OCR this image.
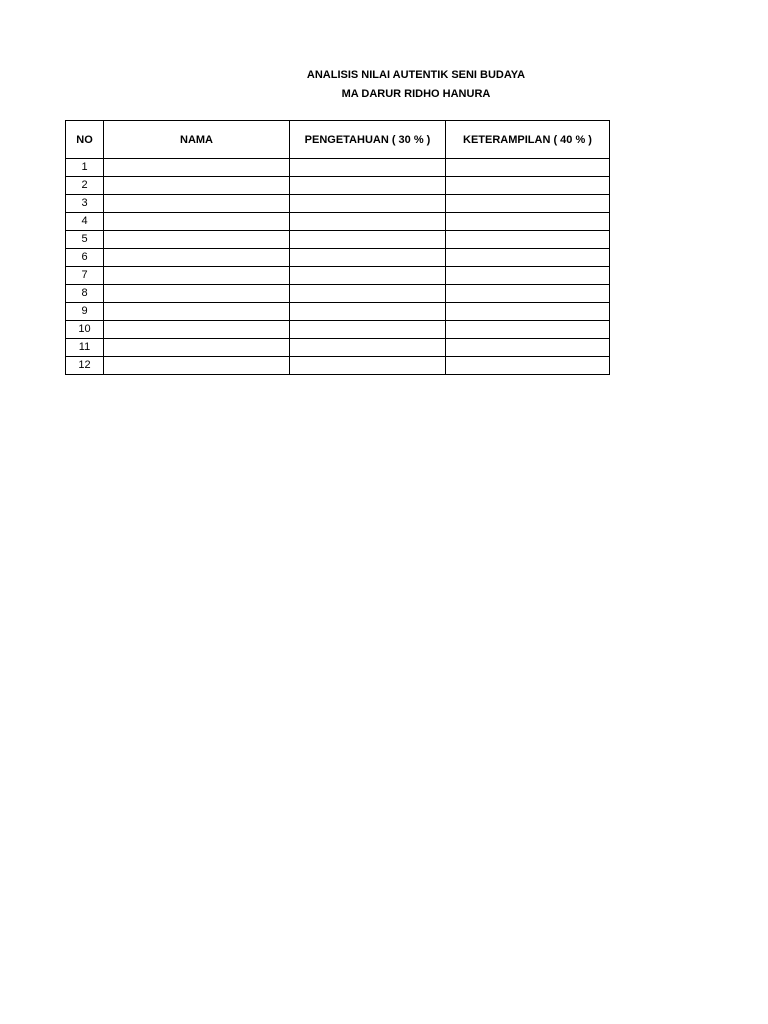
ANALISIS NILAI AUTENTIK SENI BUDAYA
MA DARUR RIDHO HANURA
NO	NAMA	PENGETAHUAN ( 30 % )	KETERAMPILAN ( 40 % )
1			
2			
3			
4			
5			
6			
7			
8			
9			
10			
11			
12			
